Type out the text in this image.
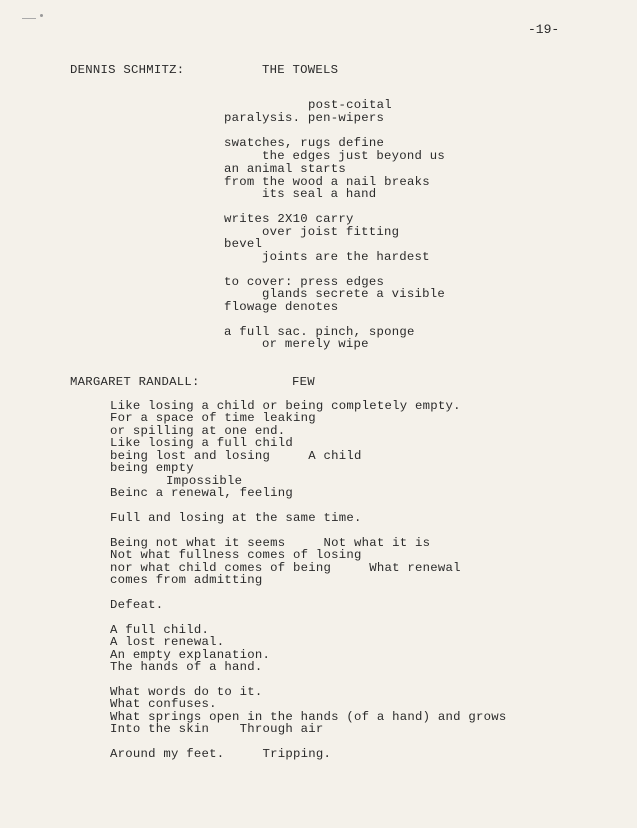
-19-
DENNIS SCHMITZ:	THE TOWELS
post-coital
paralysis. pen-wipers
swatches, rugs define
the edges just beyond us
an animal starts
from the wood a nail breaks
its seal a hand
writes 2X10 carry
over joist fitting
bevel
joints are the hardest
to cover: press edges
glands secrete a visible
flowage denotes
a full sac. pinch, sponge
or merely wipe
MARGARET RANDALL:	FEW
Like losing a child or being completely empty.
For a space of time leaking
or spilling at one end.
Like losing a full child
being lost and losing     A child
being empty
Impossible
Beinc a renewal, feeling
Full and losing at the same time.
Being not what it seems     Not what it is
Not what fullness comes of losing
nor what child comes of being     What renewal
comes from admitting
Defeat.
A full child.
A lost renewal.
An empty explanation.
The hands of a hand.
What words do to it.
What confuses.
What springs open in the hands (of a hand) and grows
Into the skin    Through air
Around my feet.     Tripping.
